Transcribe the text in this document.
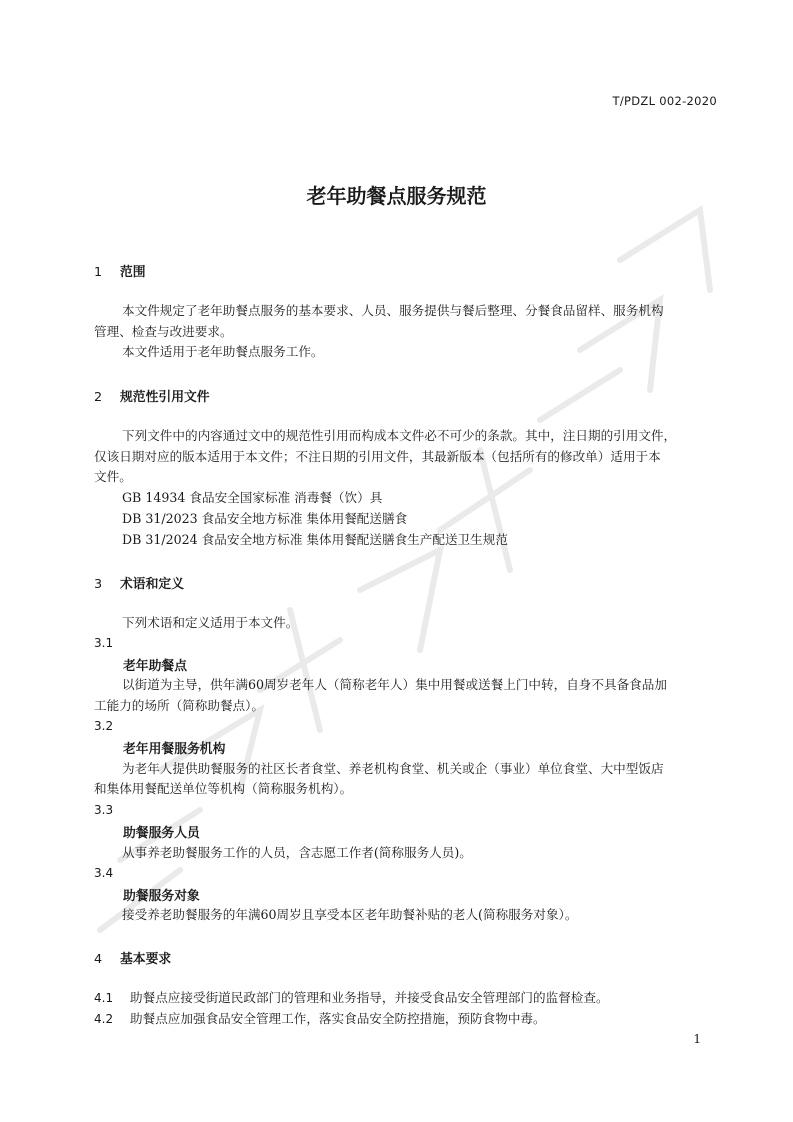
T/PDZL 002-2020
老年助餐点服务规范
1 范围
本文件规定了老年助餐点服务的基本要求、人员、服务提供与餐后整理、分餐食品留样、服务机构
管理、检查与改进要求。
本文件适用于老年助餐点服务工作。
2 规范性引用文件
下列文件中的内容通过文中的规范性引用而构成本文件必不可少的条款。其中，注日期的引用文件，
仅该日期对应的版本适用于本文件；不注日期的引用文件，其最新版本（包括所有的修改单）适用于本
文件。
GB 14934 食品安全国家标准 消毒餐（饮）具
DB 31/2023 食品安全地方标准 集体用餐配送膳食
DB 31/2024 食品安全地方标准 集体用餐配送膳食生产配送卫生规范
3 术语和定义
下列术语和定义适用于本文件。
3.1
老年助餐点
以街道为主导，供年满60周岁老年人（简称老年人）集中用餐或送餐上门中转，自身不具备食品加
工能力的场所（简称助餐点）。
3.2
老年用餐服务机构
为老年人提供助餐服务的社区长者食堂、养老机构食堂、机关或企（事业）单位食堂、大中型饭店
和集体用餐配送单位等机构（简称服务机构）。
3.3
助餐服务人员
从事养老助餐服务工作的人员，含志愿工作者(简称服务人员)。
3.4
助餐服务对象
接受养老助餐服务的年满60周岁且享受本区老年助餐补贴的老人(简称服务对象）。
4 基本要求
4.1 助餐点应接受街道民政部门的管理和业务指导，并接受食品安全管理部门的监督检查。
4.2 助餐点应加强食品安全管理工作，落实食品安全防控措施，预防食物中毒。
1
